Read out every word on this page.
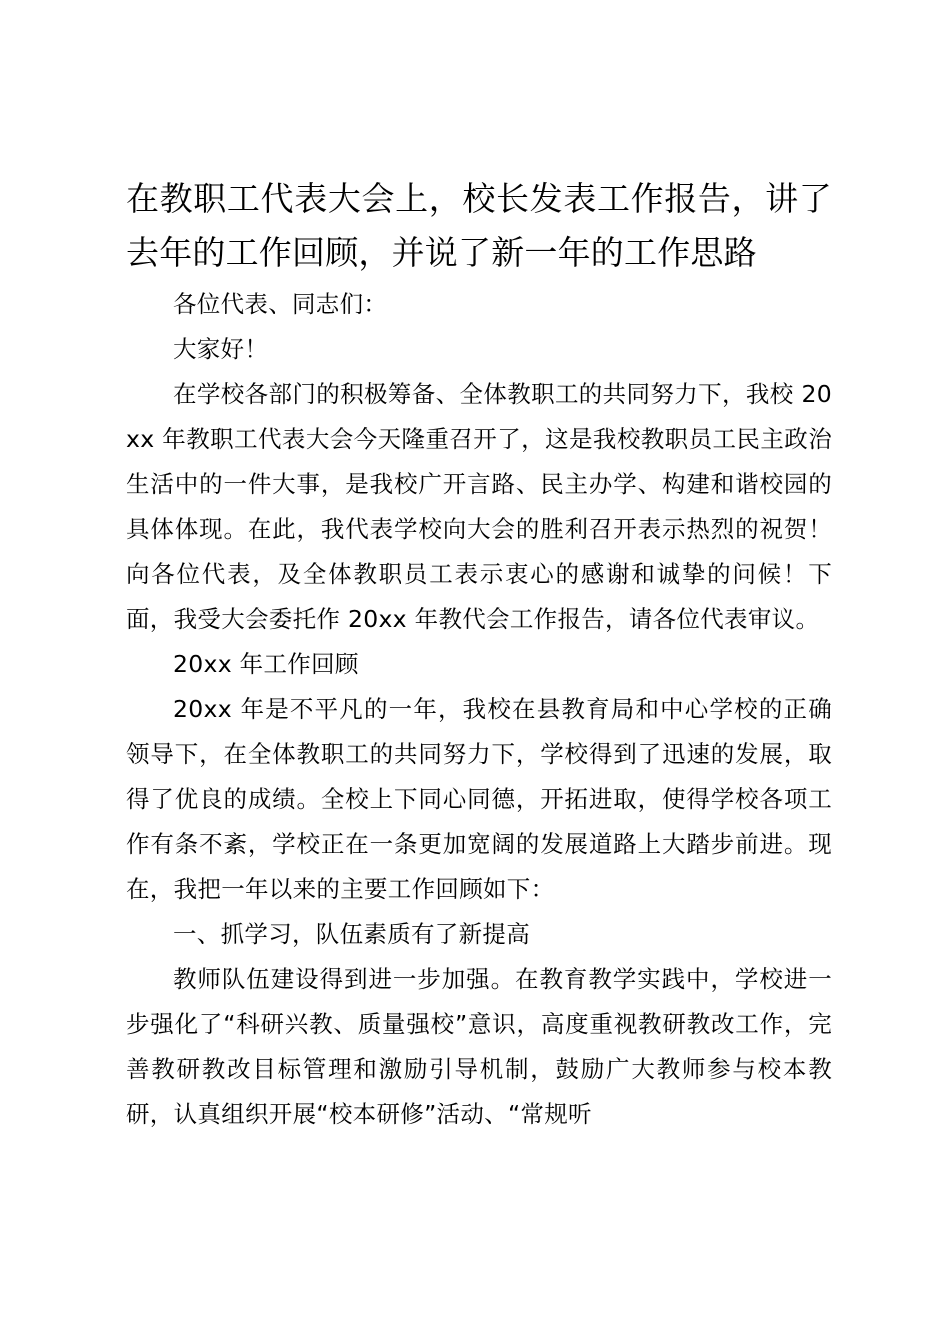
在教职工代表大会上，校长发表工作报告，讲了去年的工作回顾，并说了新一年的工作思路

各位代表、同志们：

大家好！

在学校各部门的积极筹备、全体教职工的共同努力下，我校 20xx 年教职工代表大会今天隆重召开了，这是我校教职员工民主政治生活中的一件大事，是我校广开言路、民主办学、构建和谐校园的具体体现。在此，我代表学校向大会的胜利召开表示热烈的祝贺！向各位代表，及全体教职员工表示衷心的感谢和诚挚的问候！下面，我受大会委托作 20xx 年教代会工作报告，请各位代表审议。

20xx 年工作回顾

20xx 年是不平凡的一年，我校在县教育局和中心学校的正确领导下，在全体教职工的共同努力下，学校得到了迅速的发展，取得了优良的成绩。全校上下同心同德，开拓进取，使得学校各项工作有条不紊，学校正在一条更加宽阔的发展道路上大踏步前进。现在，我把一年以来的主要工作回顾如下：

一、抓学习，队伍素质有了新提高

教师队伍建设得到进一步加强。在教育教学实践中，学校进一步强化了“科研兴教、质量强校”意识，高度重视教研教改工作，完善教研教改目标管理和激励引导机制，鼓励广大教师参与校本教研，认真组织开展“校本研修”活动、“常规听
